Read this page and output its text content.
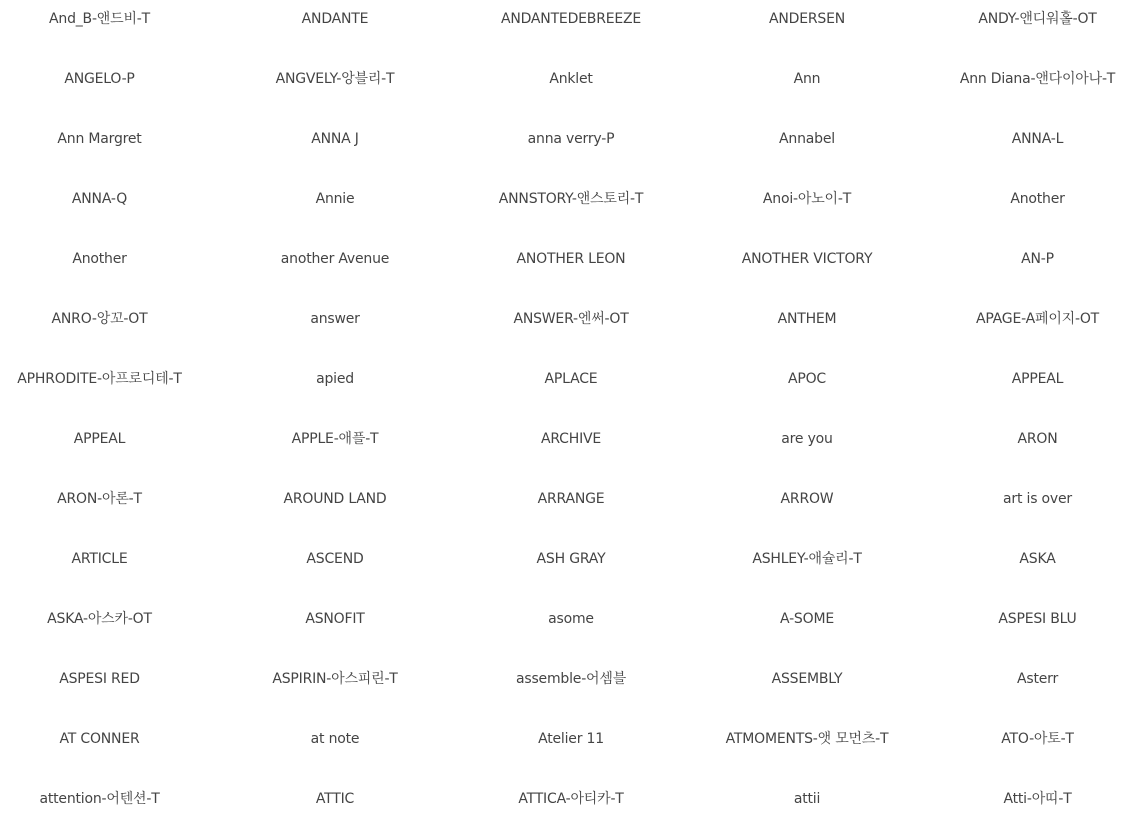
And_B-앤드비-T	ANDANTE	ANDANTEDEBREEZE	ANDERSEN	ANDY-앤디워홀-OT
ANGELO-P	ANGVELY-앙블리-T	Anklet	Ann	Ann Diana-앤다이아나-T
Ann Margret	ANNA J	anna verry-P	Annabel	ANNA-L
ANNA-Q	Annie	ANNSTORY-앤스토리-T	Anoi-아노이-T	Another
Another	another Avenue	ANOTHER LEON	ANOTHER VICTORY	AN-P
ANRO-앙꼬-OT	answer	ANSWER-엔써-OT	ANTHEM	APAGE-A페이지-OT
APHRODITE-아프로디테-T	apied	APLACE	APOC	APPEAL
APPEAL	APPLE-애플-T	ARCHIVE	are you	ARON
ARON-아론-T	AROUND LAND	ARRANGE	ARROW	art is over
ARTICLE	ASCEND	ASH GRAY	ASHLEY-애슐리-T	ASKA
ASKA-아스카-OT	ASNOFIT	asome	A-SOME	ASPESI BLU
ASPESI RED	ASPIRIN-아스피린-T	assemble-어셈블	ASSEMBLY	Asterr
AT CONNER	at note	Atelier 11	ATMOMENTS-앳 모먼츠-T	ATO-아토-T
attention-어텐션-T	ATTIC	ATTICA-아티카-T	attii	Atti-아띠-T
